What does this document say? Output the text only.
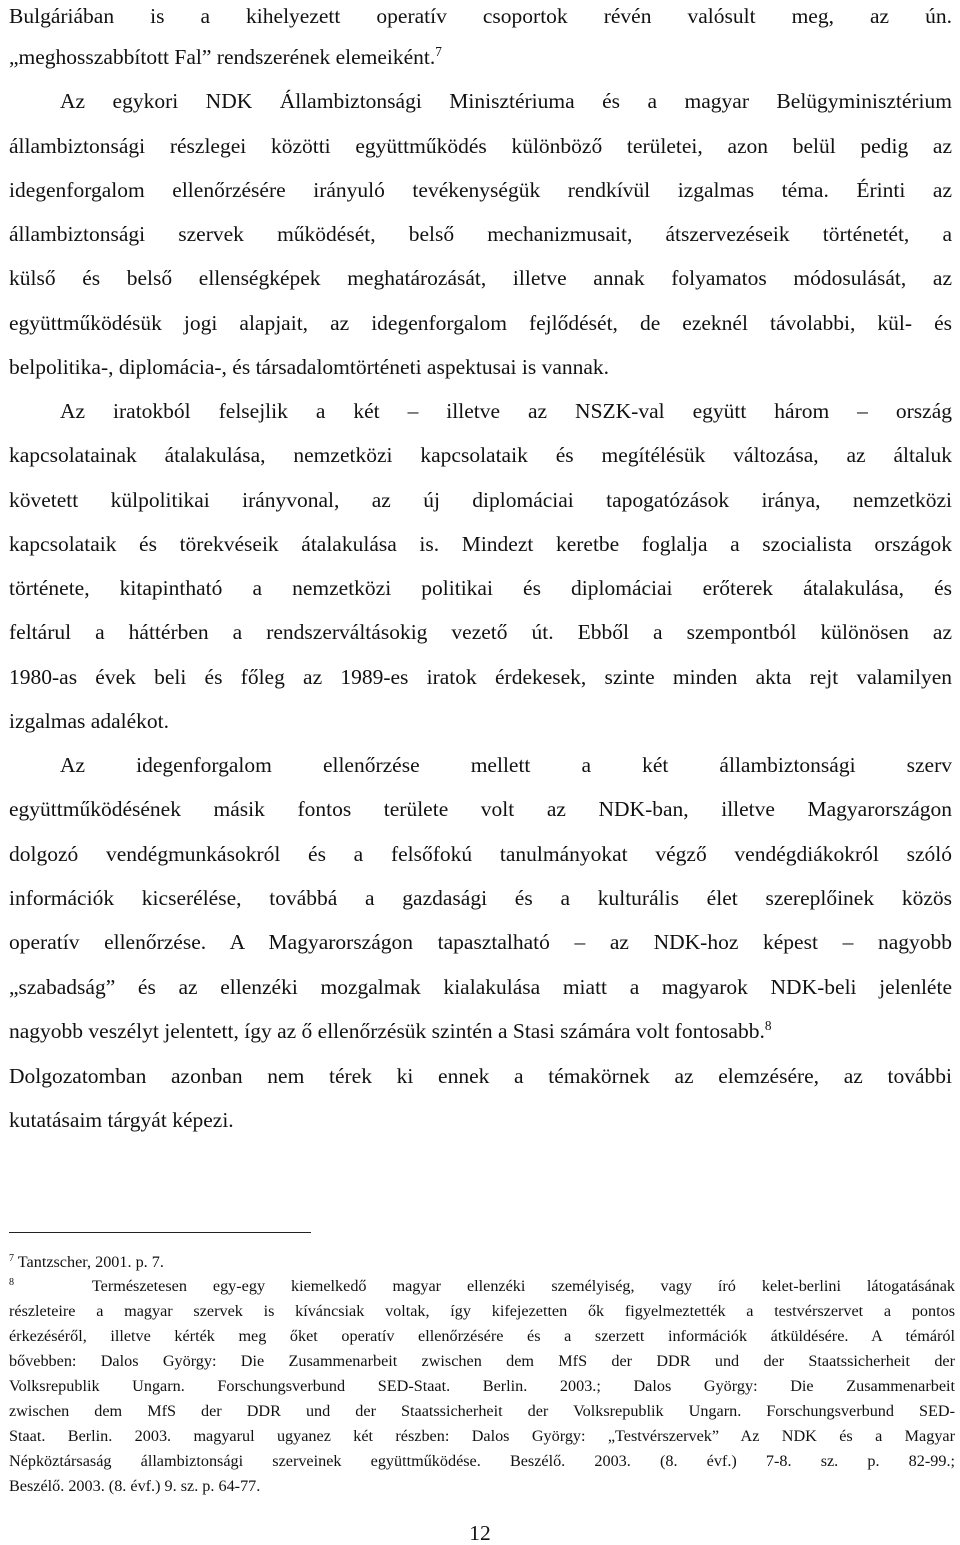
Bulgáriában is a kihelyezett operatív csoportok révén valósult meg, az ún.
„meghosszabbított Fal” rendszerének elemeiként.$^7$
Az egykori NDK Állambiztonsági Minisztériuma és a magyar Belügyminisztérium
állambiztonsági részlegei közötti együttműködés különböző területei, azon belül pedig az
idegenforgalom ellenőrzésére irányuló tevékenységük rendkívül izgalmas téma. Érinti az
állambiztonsági szervek működését, belső mechanizmusait, átszervezéseik történetét, a
külső és belső ellenségképek meghatározását, illetve annak folyamatos módosulását, az
együttműködésük jogi alapjait, az idegenforgalom fejlődését, de ezeknél távolabbi, kül- és
belpolitika-, diplomácia-, és társadalomtörténeti aspektusai is vannak.
Az iratokból felsejlik a két – illetve az NSZK-val együtt három – ország
kapcsolatainak átalakulása, nemzetközi kapcsolataik és megítélésük változása, az általuk
követett külpolitikai irányvonal, az új diplomáciai tapogatózások iránya, nemzetközi
kapcsolataik és törekvéseik átalakulása is. Mindezt keretbe foglalja a szocialista országok
története, kitapintható a nemzetközi politikai és diplomáciai erőterek átalakulása, és
feltárul a háttérben a rendszerváltásokig vezető út. Ebből a szempontból különösen az
1980-as évek beli és főleg az 1989-es iratok érdekesek, szinte minden akta rejt valamilyen
izgalmas adalékot.
Az idegenforgalom ellenőrzése mellett a két állambiztonsági szerv
együttműködésének másik fontos területe volt az NDK-ban, illetve Magyarországon
dolgozó vendégmunkásokról és a felsőfokú tanulmányokat végző vendégdiákokról szóló
információk kicserélése, továbbá a gazdasági és a kulturális élet szereplőinek közös
operatív ellenőrzése. A Magyarországon tapasztalható – az NDK-hoz képest – nagyobb
„szabadság” és az ellenzéki mozgalmak kialakulása miatt a magyarok NDK-beli jelenléte
nagyobb veszélyt jelentett, így az ő ellenőrzésük szintén a Stasi számára volt fontosabb.$^8$
Dolgozatomban azonban nem térek ki ennek a témakörnek az elemzésére, az további
kutatásaim tárgyát képezi.
$^7$ Tantzscher, 2001. p. 7.
$^8$	Természetesen egy-egy kiemelkedő magyar ellenzéki személyiség, vagy író kelet-berlini látogatásának
részleteire a magyar szervek is kíváncsiak voltak, így kifejezetten ők figyelmeztették a testvérszervet a pontos
érkezéséről, illetve kérték meg őket operatív ellenőrzésére és a szerzett információk átküldésére. A témáról
bővebben: Dalos György: Die Zusammenarbeit zwischen dem MfS der DDR und der Staatssicherheit der
Volksrepublik Ungarn. Forschungsverbund SED-Staat. Berlin. 2003.; Dalos György: Die Zusammenarbeit
zwischen dem MfS der DDR und der Staatssicherheit der Volksrepublik Ungarn. Forschungsverbund SED-
Staat. Berlin. 2003. magyarul ugyanez két részben: Dalos György: „Testvérszervek” Az NDK és a Magyar
Népköztársaság állambiztonsági szerveinek együttműködése. Beszélő. 2003. (8. évf.) 7-8. sz. p. 82-99.;
Beszélő. 2003. (8. évf.) 9. sz. p. 64-77.
12
